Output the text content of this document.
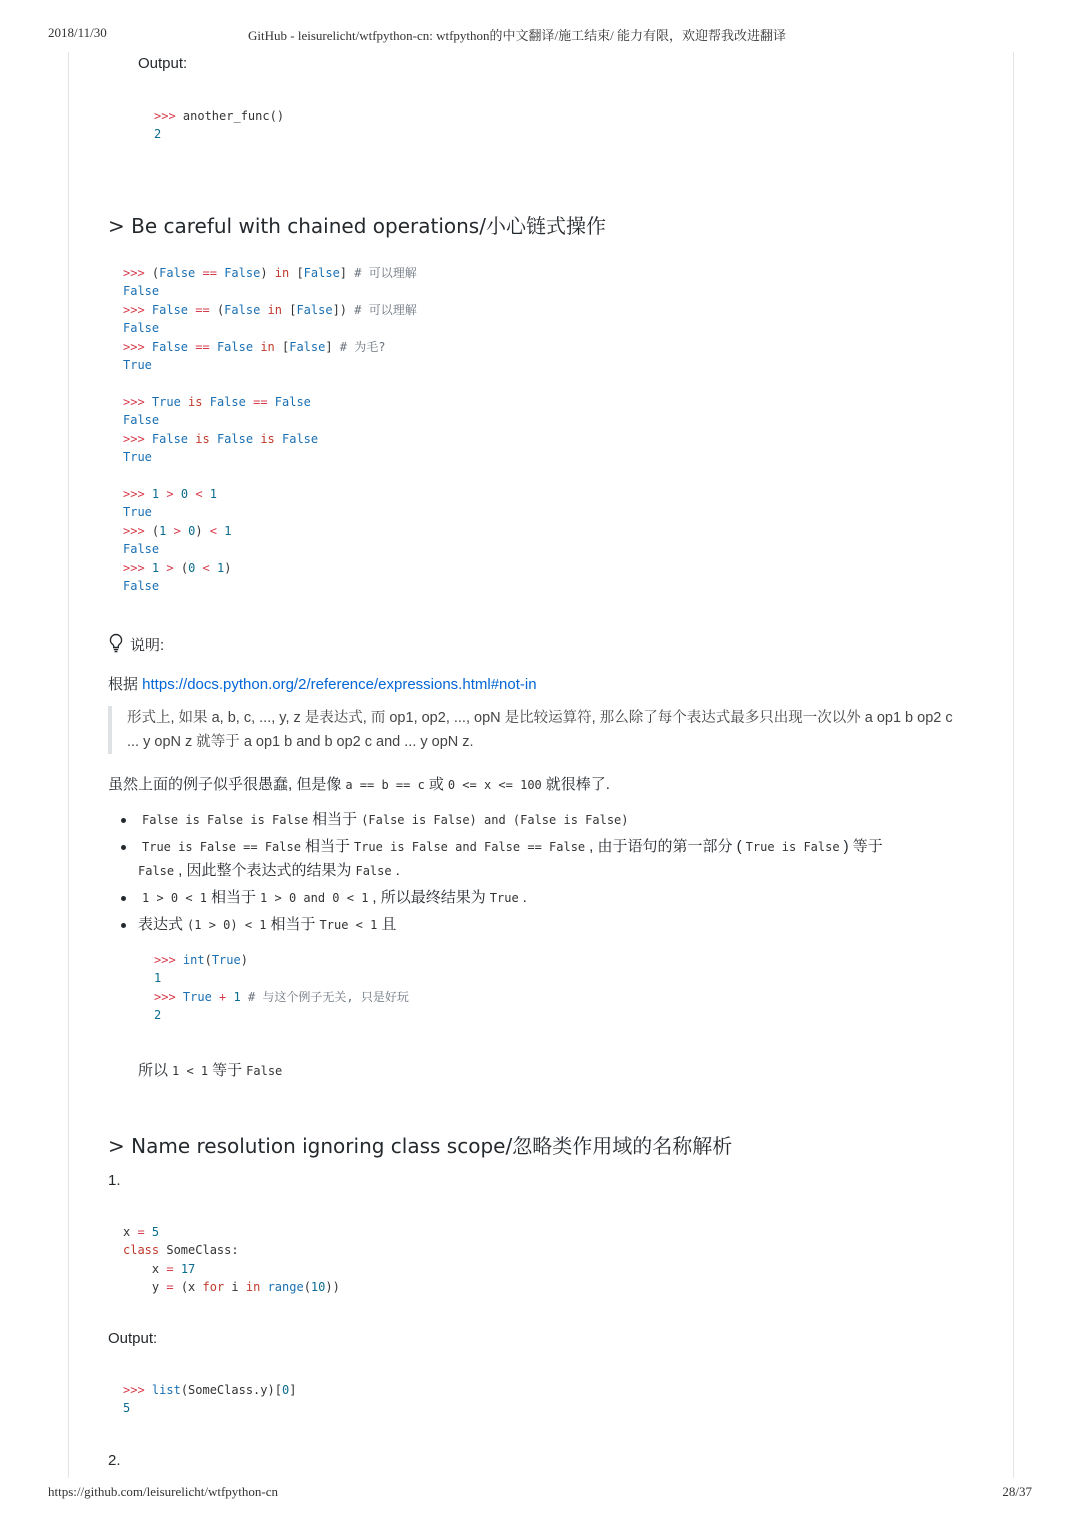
2018/11/30	GitHub - leisurelicht/wtfpython-cn: wtfpython的中文翻译/施工结束/ 能力有限，欢迎帮我改进翻译
https://github.com/leisurelicht/wtfpython-cn	28/37
Output:
>>> another_func()
2
> Be careful with chained operations/小心链式操作
>>> (False == False) in [False] # 可以理解
False
>>> False == (False in [False]) # 可以理解
False
>>> False == False in [False] # 为毛?
True

>>> True is False == False
False
>>> False is False is False
True

>>> 1 > 0 < 1
True
>>> (1 > 0) < 1
False
>>> 1 > (0 < 1)
False
说明:
根据 https://docs.python.org/2/reference/expressions.html#not-in
形式上, 如果 a, b, c, ..., y, z 是表达式, 而 op1, op2, ..., opN 是比较运算符, 那么除了每个表达式最多只出现一次以外 a op1 b op2 c ... y opN z 就等于 a op1 b and b op2 c and ... y opN z.
虽然上面的例子似乎很愚蠢, 但是像 a == b == c 或 0 <= x <= 100 就很棒了.
False is False is False 相当于 (False is False) and (False is False)
True is False == False 相当于 True is False and False == False , 由于语句的第一部分 ( True is False ) 等于
False , 因此整个表达式的结果为 False .
1 > 0 < 1 相当于 1 > 0 and 0 < 1 , 所以最终结果为 True .
表达式 (1 > 0) < 1 相当于 True < 1 且
>>> int(True)
1
>>> True + 1 # 与这个例子无关, 只是好玩
2
所以 1 < 1 等于 False
> Name resolution ignoring class scope/忽略类作用域的名称解析
1.
x = 5
class SomeClass:
x = 17
y = (x for i in range(10))
Output:
>>> list(SomeClass.y)[0]
5
2.
